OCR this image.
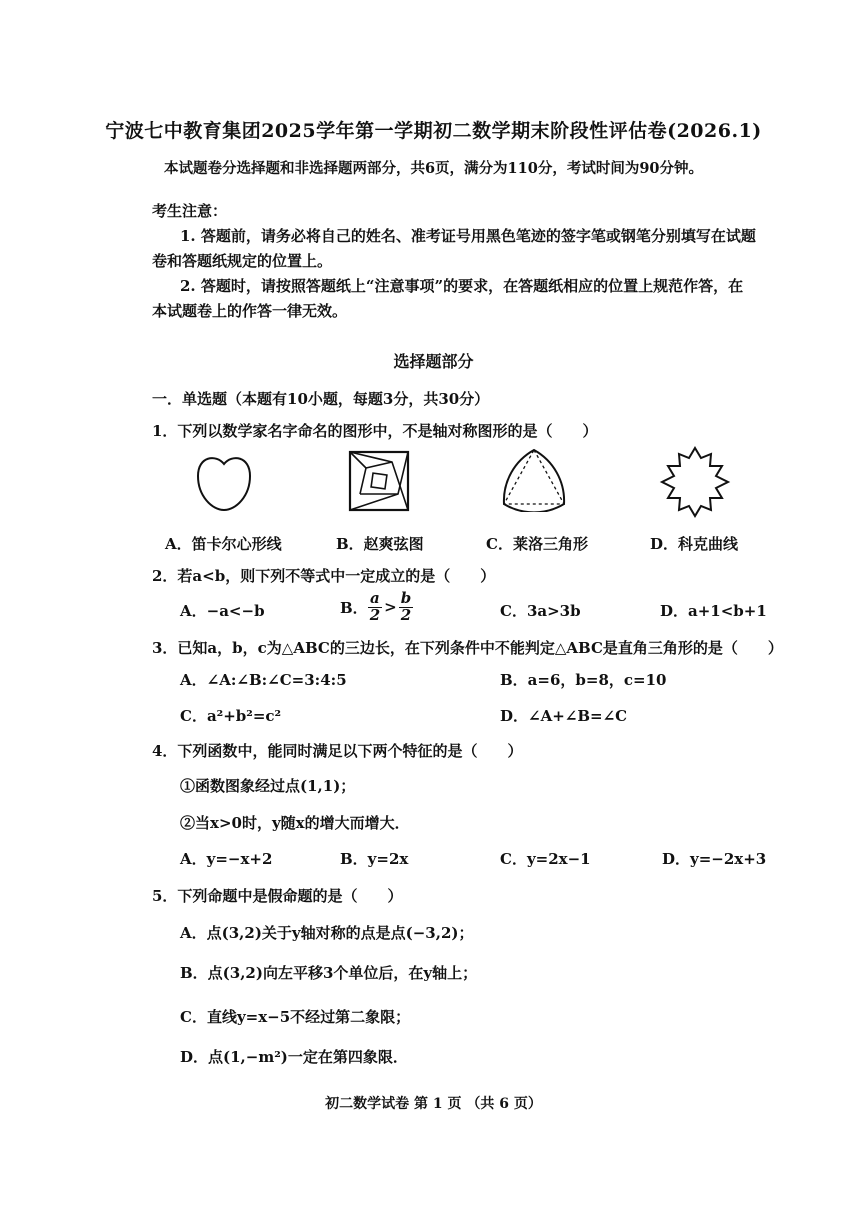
宁波七中教育集团2025学年第一学期初二数学期末阶段性评估卷(2026.1)
本试题卷分选择题和非选择题两部分，共6页，满分为110分，考试时间为90分钟。
考生注意：
1. 答题前，请务必将自己的姓名、准考证号用黑色笔迹的签字笔或钢笔分别填写在试题
卷和答题纸规定的位置上。
2. 答题时，请按照答题纸上“注意事项”的要求，在答题纸相应的位置上规范作答，在
本试题卷上的作答一律无效。
选择题部分
一．单选题（本题有10小题，每题3分，共30分）
1．下列以数学家名字命名的图形中，不是轴对称图形的是（　　）
A．笛卡尔心形线	B．赵爽弦图	C．莱洛三角形	D．科克曲线
2．若a<b，则下列不等式中一定成立的是（　　）
A．−a<−b	B． $\frac{a}{2} > \frac{b}{2}$	C．3a>3b	D．a+1<b+1
3．已知a，b，c为△ABC的三边长，在下列条件中不能判定△ABC是直角三角形的是（　　）
A．∠A:∠B:∠C=3:4:5	B．a=6，b=8，c=10
C．a²+b²=c²	D．∠A+∠B=∠C
4．下列函数中，能同时满足以下两个特征的是（　　）
①函数图象经过点(1,1)；
②当x>0时，y随x的增大而增大．
A．y=−x+2	B．y=2x	C．y=2x−1	D．y=−2x+3
5．下列命题中是假命题的是（　　）
A．点(3,2)关于y轴对称的点是点(−3,2)；
B．点(3,2)向左平移3个单位后，在y轴上；
C．直线y=x−5不经过第二象限；
D．点(1,−m²)一定在第四象限．
初二数学试卷 第 1 页 （共 6 页）
